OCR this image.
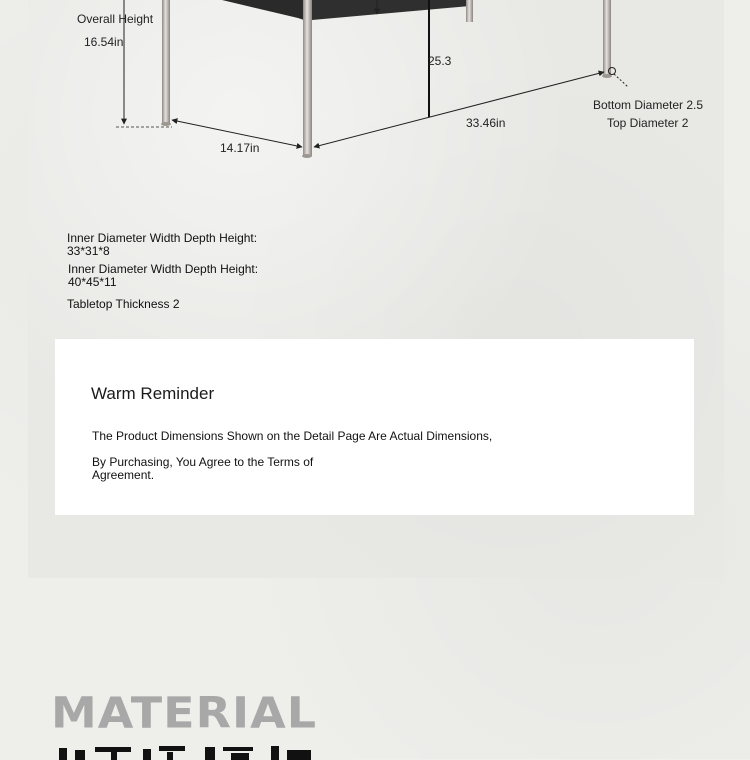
Overall Height
16.54in
25.3
33.46in
14.17in
Bottom Diameter 2.5
Top Diameter 2
Inner Diameter Width Depth Height:
33*31*8
Inner Diameter Width Depth Height:
40*45*11
Tabletop Thickness 2
Warm Reminder
The Product Dimensions Shown on the Detail Page Are Actual Dimensions,
By Purchasing, You Agree to the Terms of
Agreement.
MATERIAL
